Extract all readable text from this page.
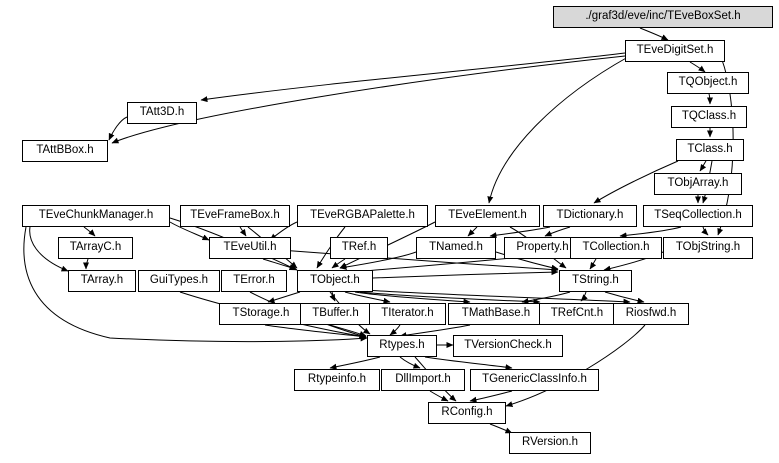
./graf3d/eve/inc/TEveBoxSet.h
TEveDigitSet.h
TQObject.h
TQClass.h
TClass.h
TObjArray.h
TAtt3D.h
TAttBBox.h
TEveChunkManager.h	TEveFrameBox.h	TEveRGBAPalette.h	TEveElement.h	TDictionary.h	TSeqCollection.h
TArrayC.h	TEveUtil.h	TRef.h	TNamed.h	Property.h	TCollection.h	TObjString.h
TArray.h	GuiTypes.h	TError.h	TObject.h	TString.h
TStorage.h	TBuffer.h	TIterator.h	TMathBase.h	TRefCnt.h	Riosfwd.h
Rtypes.h	TVersionCheck.h
Rtypeinfo.h	DllImport.h	TGenericClassInfo.h
RConfig.h
RVersion.h
